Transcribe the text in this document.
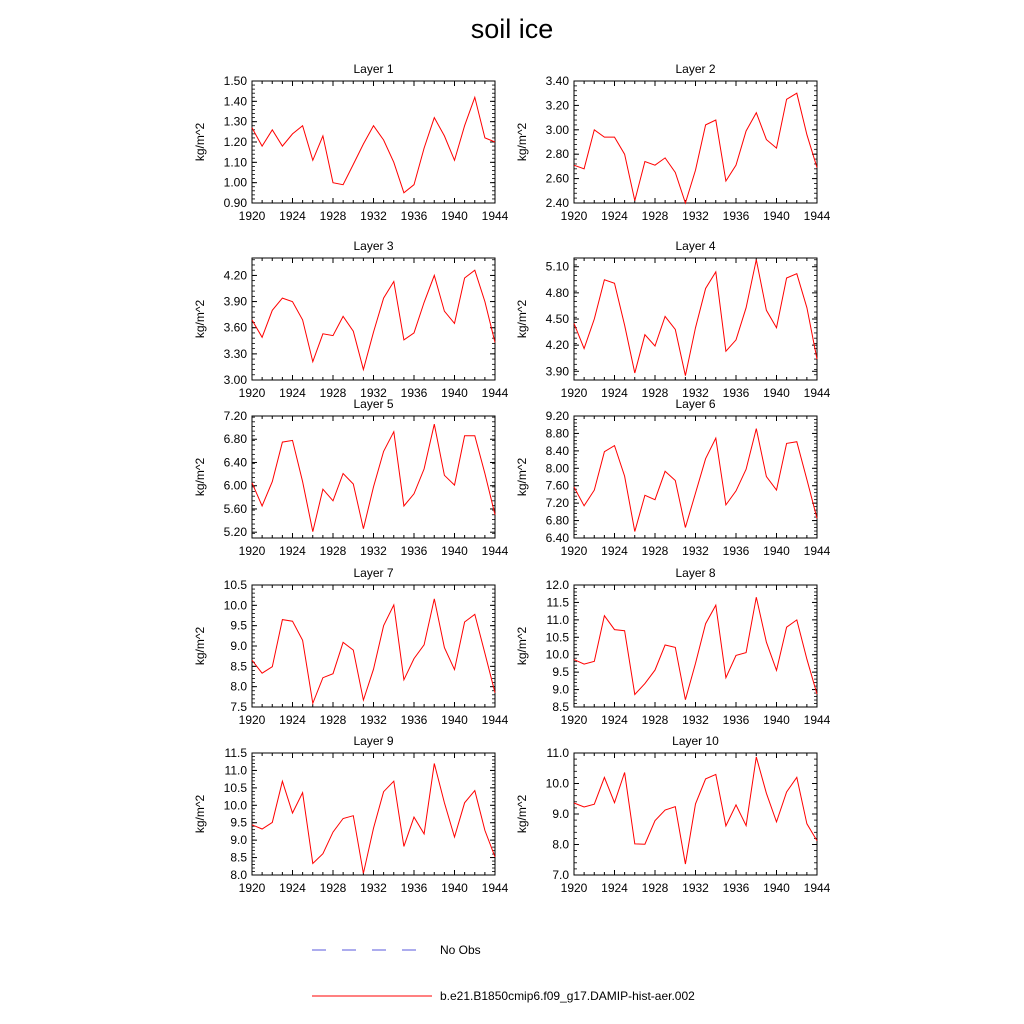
soil ice
Layer 1
1920 1924 1928 1932 1936 1940 1944
0.90
1.00
1.10
1.20
1.30
1.40
1.50
kg/m^2
Layer 2
1920 1924 1928 1932 1936 1940 1944
2.40
2.60
2.80
3.00
3.20
3.40
kg/m^2
Layer 3
1920 1924 1928 1932 1936 1940 1944
3.00
3.30
3.60
3.90
4.20
kg/m^2
Layer 4
1920 1924 1928 1932 1936 1940 1944
3.90
4.20
4.50
4.80
5.10
kg/m^2
Layer 5
1920 1924 1928 1932 1936 1940 1944
5.20
5.60
6.00
6.40
6.80
7.20
kg/m^2
Layer 6
1920 1924 1928 1932 1936 1940 1944
6.40
6.80
7.20
7.60
8.00
8.40
8.80
9.20
kg/m^2
Layer 7
1920 1924 1928 1932 1936 1940 1944
7.5
8.0
8.5
9.0
9.5
10.0
10.5
kg/m^2
Layer 8
1920 1924 1928 1932 1936 1940 1944
8.5
9.0
9.5
10.0
10.5
11.0
11.5
12.0
kg/m^2
Layer 9
1920 1924 1928 1932 1936 1940 1944
8.0
8.5
9.0
9.5
10.0
10.5
11.0
11.5
kg/m^2
Layer 10
1920 1924 1928 1932 1936 1940 1944
7.0
8.0
9.0
10.0
11.0
kg/m^2
No Obs
b.e21.B1850cmip6.f09_g17.DAMIP-hist-aer.002
